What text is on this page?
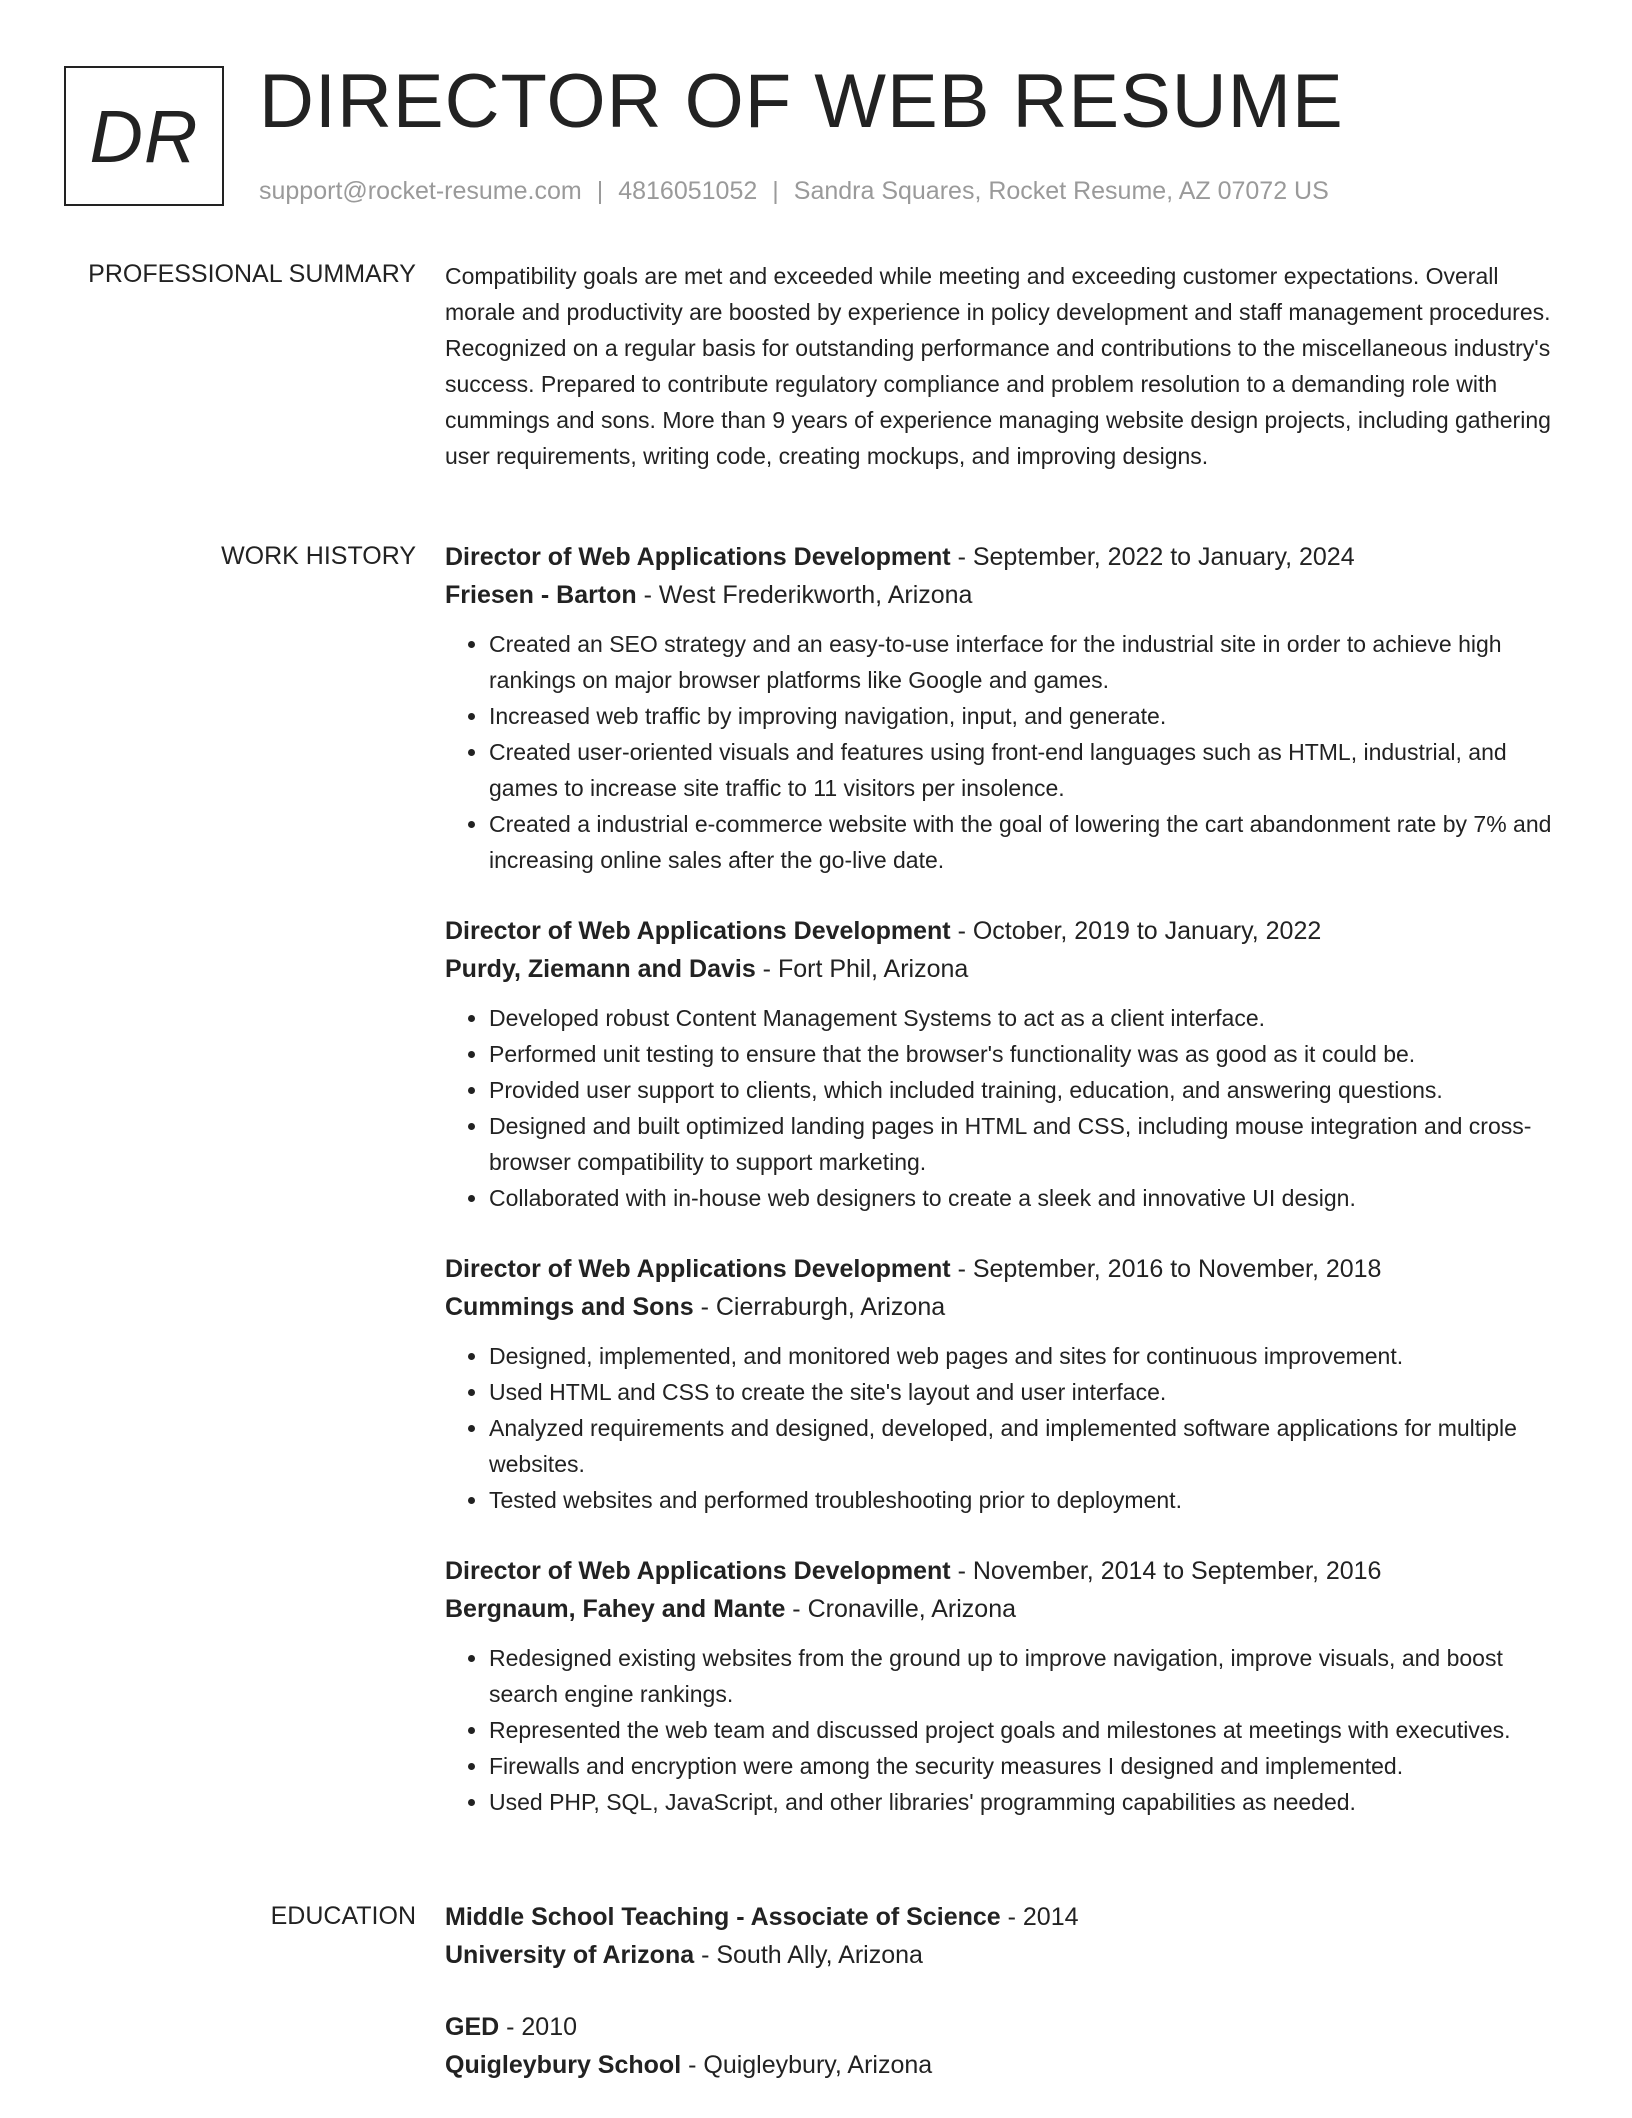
DR DIRECTOR OF WEB RESUME
support@rocket-resume.com | 4816051052 | Sandra Squares, Rocket Resume, AZ 07072 US
PROFESSIONAL SUMMARY Compatibility goals are met and exceeded while meeting and exceeding customer expectations. Overall morale and productivity are boosted by experience in policy development and staff management procedures. Recognized on a regular basis for outstanding performance and contributions to the miscellaneous industry's success. Prepared to contribute regulatory compliance and problem resolution to a demanding role with cummings and sons. More than 9 years of experience managing website design projects, including gathering user requirements, writing code, creating mockups, and improving designs.

WORK HISTORY Director of Web Applications Development - September, 2022 to January, 2024
Friesen - Barton - West Frederikworth, Arizona
• Created an SEO strategy and an easy-to-use interface for the industrial site in order to achieve high rankings on major browser platforms like Google and games.
• Increased web traffic by improving navigation, input, and generate.
• Created user-oriented visuals and features using front-end languages such as HTML, industrial, and games to increase site traffic to 11 visitors per insolence.
• Created a industrial e-commerce website with the goal of lowering the cart abandonment rate by 7% and increasing online sales after the go-live date.
Director of Web Applications Development - October, 2019 to January, 2022
Purdy, Ziemann and Davis - Fort Phil, Arizona
• Developed robust Content Management Systems to act as a client interface.
• Performed unit testing to ensure that the browser's functionality was as good as it could be.
• Provided user support to clients, which included training, education, and answering questions.
• Designed and built optimized landing pages in HTML and CSS, including mouse integration and cross-browser compatibility to support marketing.
• Collaborated with in-house web designers to create a sleek and innovative UI design.
Director of Web Applications Development - September, 2016 to November, 2018
Cummings and Sons - Cierraburgh, Arizona
• Designed, implemented, and monitored web pages and sites for continuous improvement.
• Used HTML and CSS to create the site's layout and user interface.
• Analyzed requirements and designed, developed, and implemented software applications for multiple websites.
• Tested websites and performed troubleshooting prior to deployment.
Director of Web Applications Development - November, 2014 to September, 2016
Bergnaum, Fahey and Mante - Cronaville, Arizona
• Redesigned existing websites from the ground up to improve navigation, improve visuals, and boost search engine rankings.
• Represented the web team and discussed project goals and milestones at meetings with executives.
• Firewalls and encryption were among the security measures I designed and implemented.
• Used PHP, SQL, JavaScript, and other libraries' programming capabilities as needed.
EDUCATION Middle School Teaching - Associate of Science - 2014
University of Arizona - South Ally, Arizona
GED - 2010
Quigleybury School - Quigleybury, Arizona
